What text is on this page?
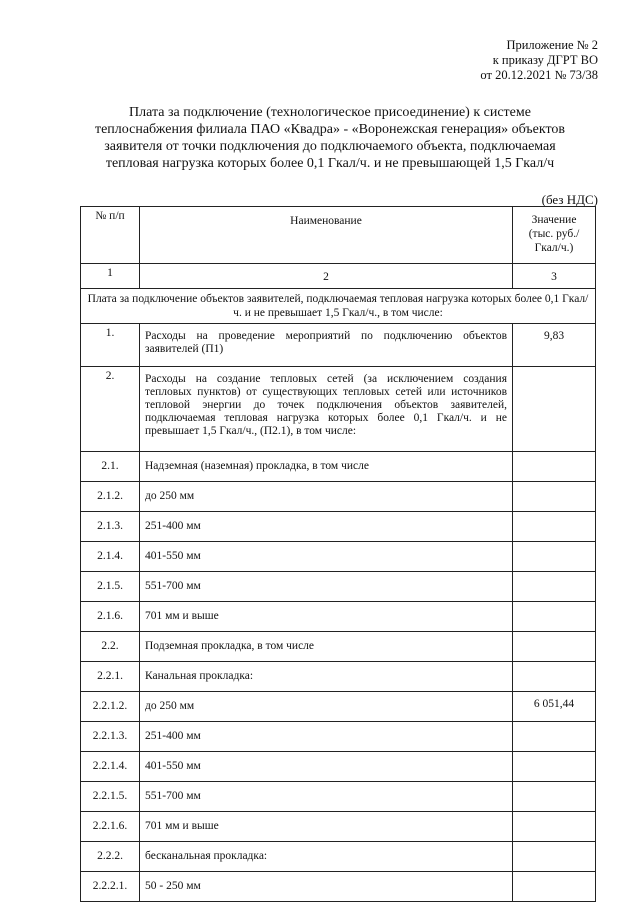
Приложение № 2
к приказу ДГРТ ВО
от 20.12.2021 № 73/38
Плата за подключение (технологическое присоединение) к системе
теплоснабжения филиала ПАО «Квадра» - «Воронежская генерация» объектов
заявителя от точки подключения до подключаемого объекта, подключаемая
тепловая нагрузка которых более 0,1 Гкал/ч. и не превышающей 1,5 Гкал/ч
(без НДС)
№ п/п	Наименование	Значение (тыс. руб./Гкал/ч.)
1	2	3
Плата за подключение объектов заявителей, подключаемая тепловая нагрузка которых более 0,1 Гкал/ч. и не превышает 1,5 Гкал/ч., в том числе:		
1.	Расходы на проведение мероприятий по подключению объектов заявителей (П1)	9,83
2.	Расходы на создание тепловых сетей (за исключением создания тепловых пунктов) от существующих тепловых сетей или источников тепловой энергии до точек подключения объектов заявителей, подключаемая тепловая нагрузка которых более 0,1 Гкал/ч. и не превышает 1,5 Гкал/ч., (П2.1), в том числе:	
2.1.	Надземная (наземная) прокладка, в том числе	
2.1.2.	до 250 мм	
2.1.3.	251-400 мм	
2.1.4.	401-550 мм	
2.1.5.	551-700 мм	
2.1.6.	701 мм и выше	
2.2.	Подземная прокладка, в том числе	
2.2.1.	Канальная прокладка:	
2.2.1.2.	до 250 мм	6 051,44
2.2.1.3.	251-400 мм	
2.2.1.4.	401-550 мм	
2.2.1.5.	551-700 мм	
2.2.1.6.	701 мм и выше	
2.2.2.	бесканальная прокладка:	
2.2.2.1.	50 - 250 мм	
